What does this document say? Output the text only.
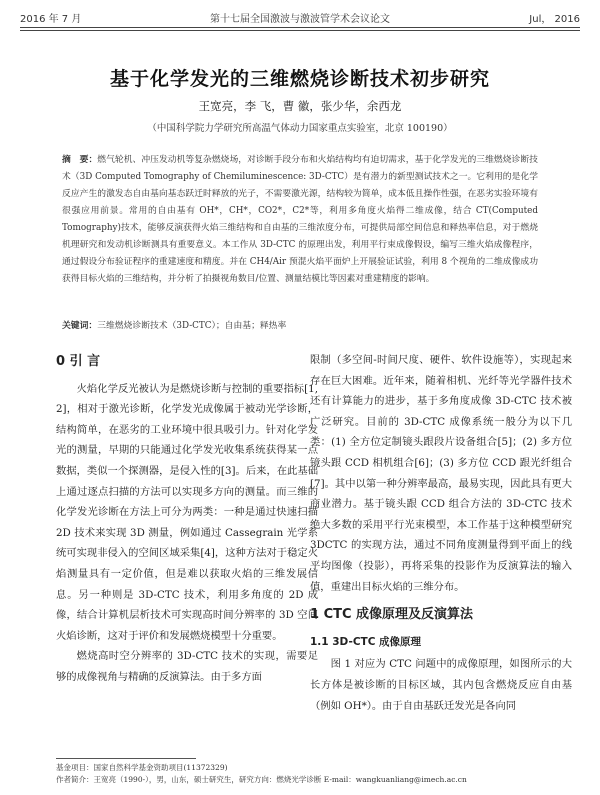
2016 年 7 月	第十七届全国激波与激波管学术会议论文	Jul， 2016
基于化学发光的三维燃烧诊断技术初步研究
王宽亮，李 飞，曹 徽，张少华，余西龙
（中国科学院力学研究所高温气体动力国家重点实验室，北京 100190）
摘　要：燃气轮机、冲压发动机等复杂燃烧场，对诊断手段分布和火焰结构均有迫切需求，基于化学发光的三维燃烧诊断技术（3D Computed Tomography of Chemiluminescence: 3D-CTC）是有潜力的新型测试技术之一。它利用的是化学反应产生的激发态自由基向基态跃迁时释放的光子，不需要激光源，结构较为简单，成本低且操作性强，在恶劣实验环境有很强应用前景。常用的自由基有 OH*，CH*，CO2*，C2*等，利用多角度火焰得二维成像，结合 CT(Computed Tomography)技术，能够反演获得火焰三维结构和自由基的三维浓度分布，可提供局部空间信息和释热率信息，对于燃烧机理研究和发动机诊断测具有重要意义。本工作从 3D-CTC 的原理出发，利用平行束成像假设，编写三维火焰成像程序，通过假设分布验证程序的重建速度和精度。并在 CH4/Air 预混火焰平面炉上开展验证试验，利用 8 个视角的二维成像成功获得目标火焰的三维结构，并分析了拍摄视角数目/位置、测量结模比等因素对重建精度的影响。
关键词：三维燃烧诊断技术（3D-CTC）；自由基；释热率
0 引 言

火焰化学反光被认为是燃烧诊断与控制的重要指标[1, 2]，相对于激光诊断，化学发光成像属于被动光学诊断，结构简单，在恶劣的工业环境中很具吸引力。针对化学发光的测量，早期的只能通过化学发光收集系统获得某一点数据，类似一个探测器，是侵入性的[3]。后来，在此基础上通过逐点扫描的方法可以实现多方向的测量。而三维的化学发光诊断在方法上可分为两类：一种是通过快速扫描 2D 技术来实现 3D 测量，例如通过 Cassegrain 光学系统可实现非侵入的空间区域采集[4]，这种方法对于稳定火焰测量具有一定价值，但是难以获取火焰的三维发展信息。另一种则是 3D-CTC 技术，利用多角度的 2D 成像，结合计算机层析技术可实现高时间分辨率的 3D 空间火焰诊断，这对于评价和发展燃烧模型十分重要。

燃烧高时空分辨率的 3D-CTC 技术的实现，需要足够的成像视角与精确的反演算法。由于多方面

限制（多空间-时间尺度、硬件、软件设施等），实现起来存在巨大困难。近年来，随着相机、光纤等光学器件技术还有计算能力的进步，基于多角度成像 3D-CTC 技术被广泛研究。目前的 3D-CTC 成像系统一般分为以下几类：(1) 全方位定制镜头跟段片设备组合[5]；(2) 多方位镜头跟 CCD 相机组合[6]；(3) 多方位 CCD 跟光纤组合[7]。其中以第一种分辨率最高，最易实现，因此具有更大商业潜力。基于镜头跟 CCD 组合方法的 3D-CTC 技术绝大多数的采用平行光束模型，本工作基于这种模型研究 3DCTC 的实现方法，通过不同角度测量得到平面上的线平均图像（投影），再将采集的投影作为反演算法的输入值，重建出目标火焰的三维分布。

1 CTC 成像原理及反演算法
1.1 3D-CTC 成像原理

图 1 对应为 CTC 问题中的成像原理，如图所示的大长方体是被诊断的目标区域，其内包含燃烧反应自由基（例如 OH*）。由于自由基跃迁发光是各向同

基金项目：国家自然科学基金资助项目(11372329)
作者简介：王宽亮（1990-），男，山东，硕士研究生，研究方向：燃烧光学诊断 E-mail：wangkuanliang@imech.ac.cn
